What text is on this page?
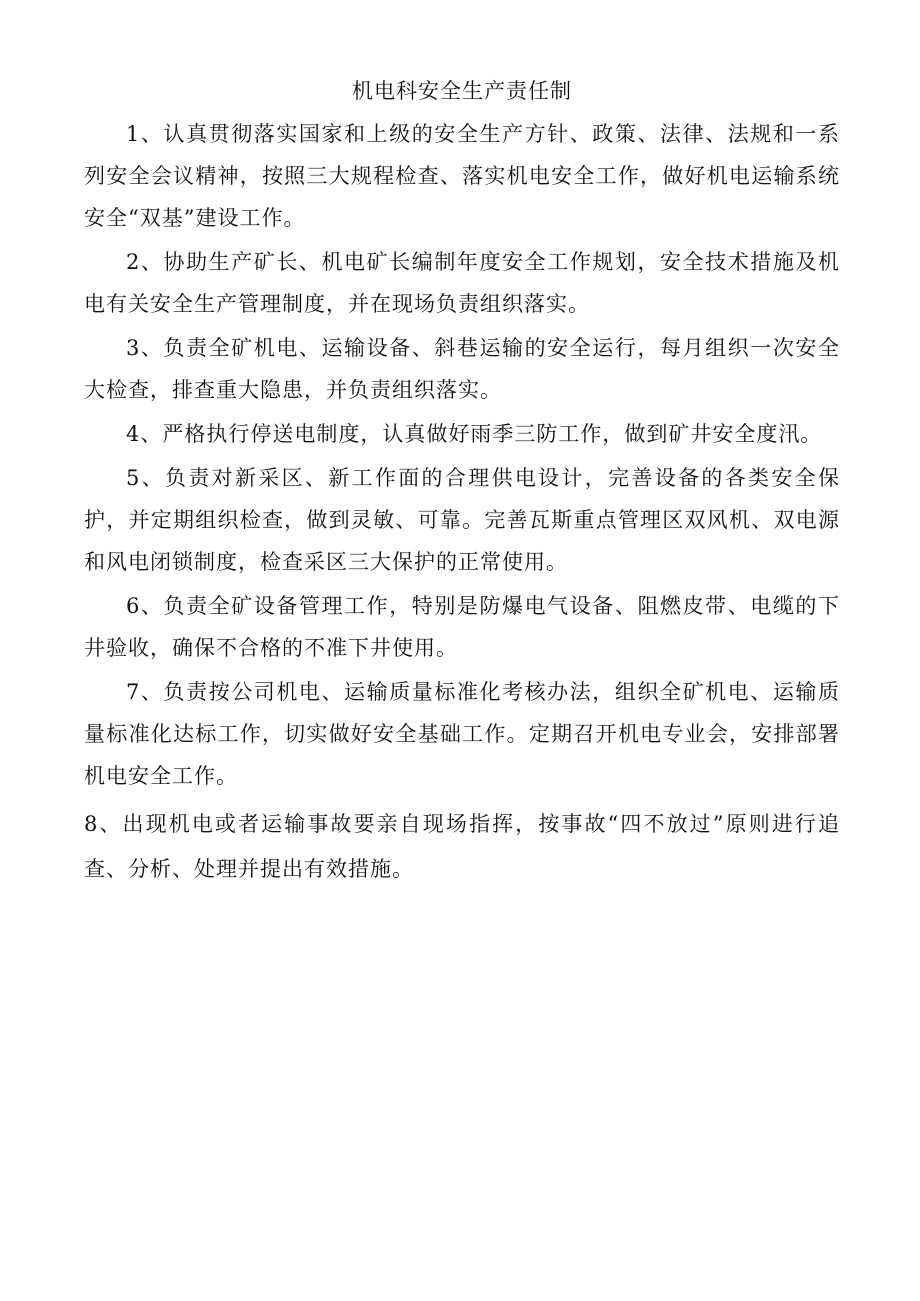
机电科安全生产责任制

1、认真贯彻落实国家和上级的安全生产方针、政策、法律、法规和一系列安全会议精神，按照三大规程检查、落实机电安全工作，做好机电运输系统安全“双基”建设工作。

2、协助生产矿长、机电矿长编制年度安全工作规划，安全技术措施及机电有关安全生产管理制度，并在现场负责组织落实。

3、负责全矿机电、运输设备、斜巷运输的安全运行，每月组织一次安全大检查，排查重大隐患，并负责组织落实。

4、严格执行停送电制度，认真做好雨季三防工作，做到矿井安全度汛。

5、负责对新采区、新工作面的合理供电设计，完善设备的各类安全保护，并定期组织检查，做到灵敏、可靠。完善瓦斯重点管理区双风机、双电源和风电闭锁制度，检查采区三大保护的正常使用。

6、负责全矿设备管理工作，特别是防爆电气设备、阻燃皮带、电缆的下井验收，确保不合格的不准下井使用。

7、负责按公司机电、运输质量标准化考核办法，组织全矿机电、运输质量标准化达标工作，切实做好安全基础工作。定期召开机电专业会，安排部署机电安全工作。

8、出现机电或者运输事故要亲自现场指挥，按事故“四不放过”原则进行追查、分析、处理并提出有效措施。
